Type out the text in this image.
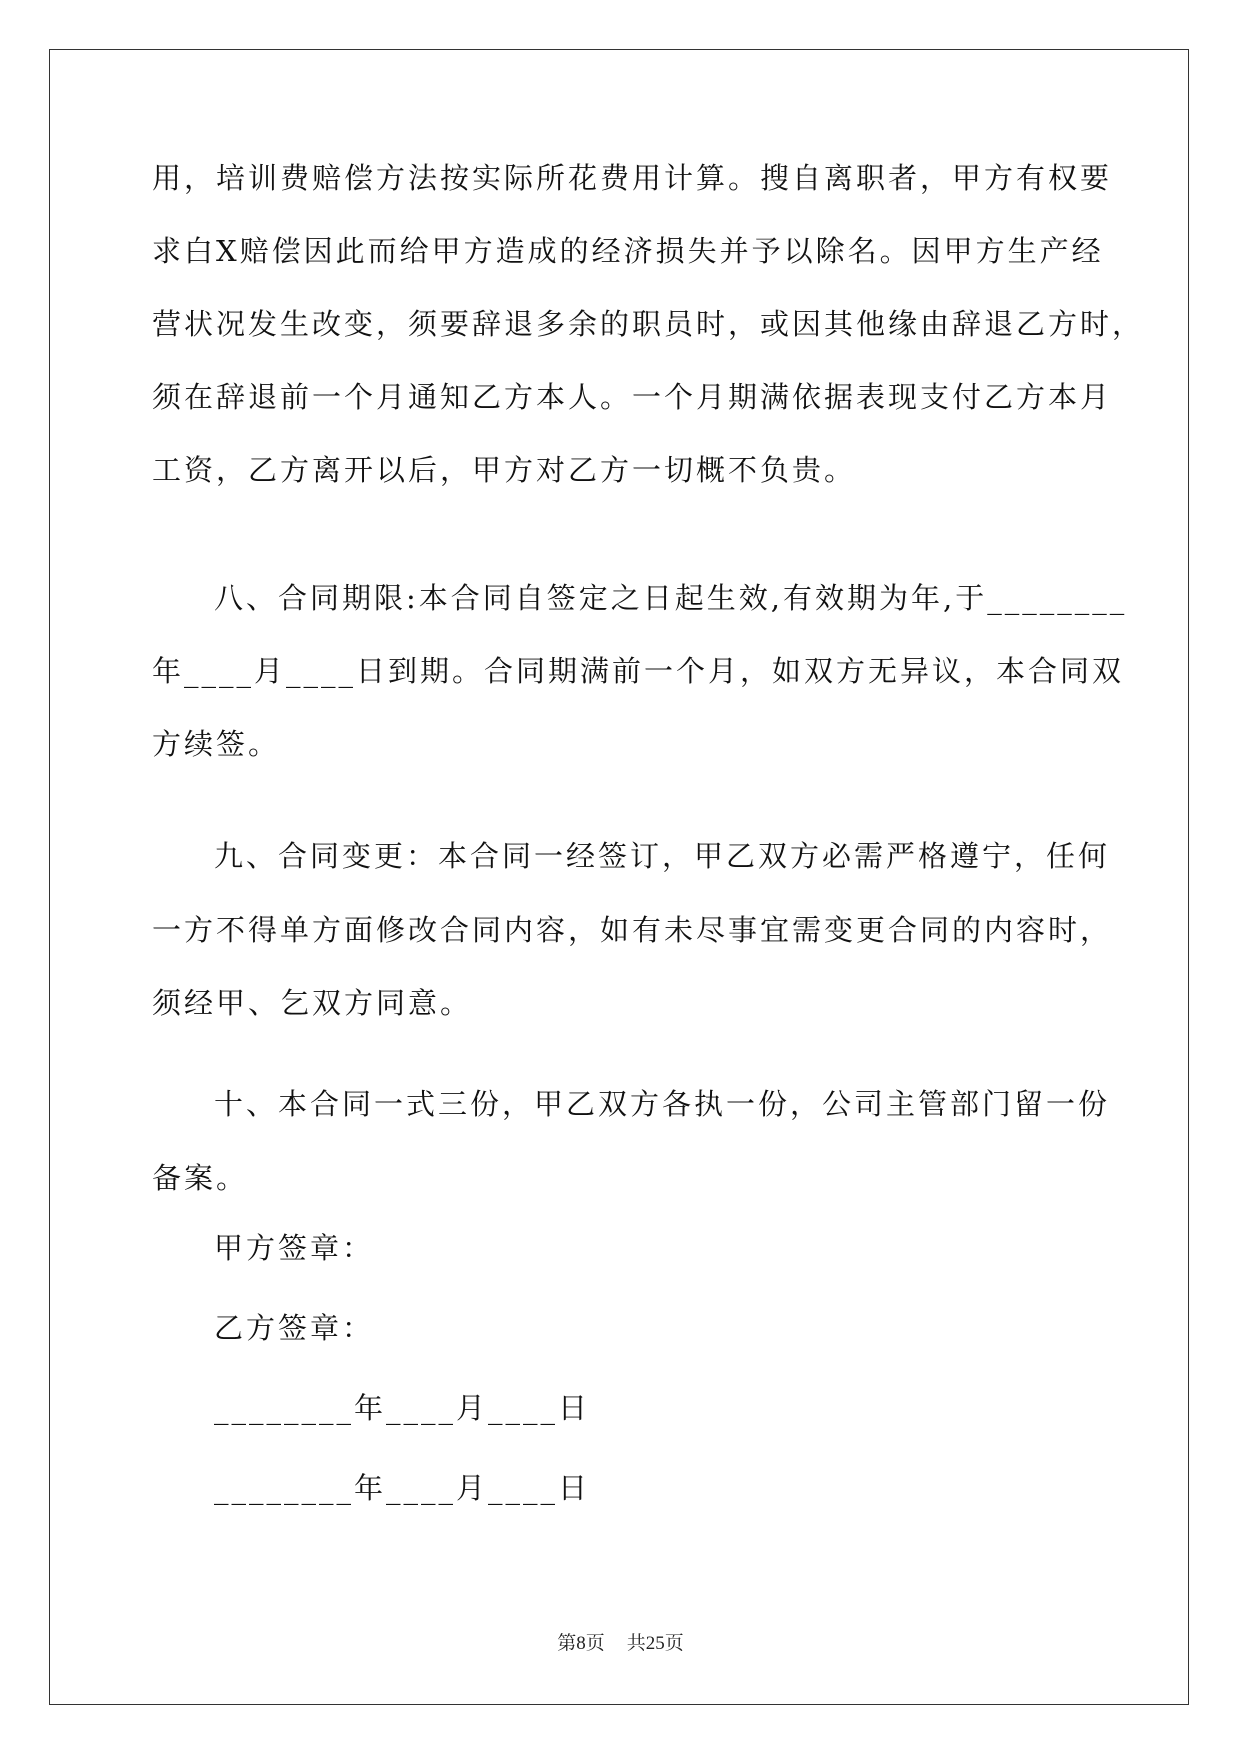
用，培训费赔偿方法按实际所花费用计算。搜自离职者，甲方有权要
求白X赔偿因此而给甲方造成的经济损失并予以除名。因甲方生产经
营状况发生改变，须要辞退多余的职员时，或因其他缘由辞退乙方时，
须在辞退前一个月通知乙方本人。一个月期满依据表现支付乙方本月
工资，乙方离开以后，甲方对乙方一切概不负贵。
八、合同期限:本合同自签定之日起生效,有效期为年,于________
年____月____日到期。合同期满前一个月，如双方无异议，本合同双
方续签。
九、合同变更：本合同一经签订，甲乙双方必需严格遵宁，任何
一方不得单方面修改合同内容，如有未尽事宜需变更合同的内容时，
须经甲、乞双方同意。
十、本合同一式三份，甲乙双方各执一份，公司主管部门留一份
备案。
甲方签章：
乙方签章：
________年____月____日
________年____月____日
第8页 共25页
